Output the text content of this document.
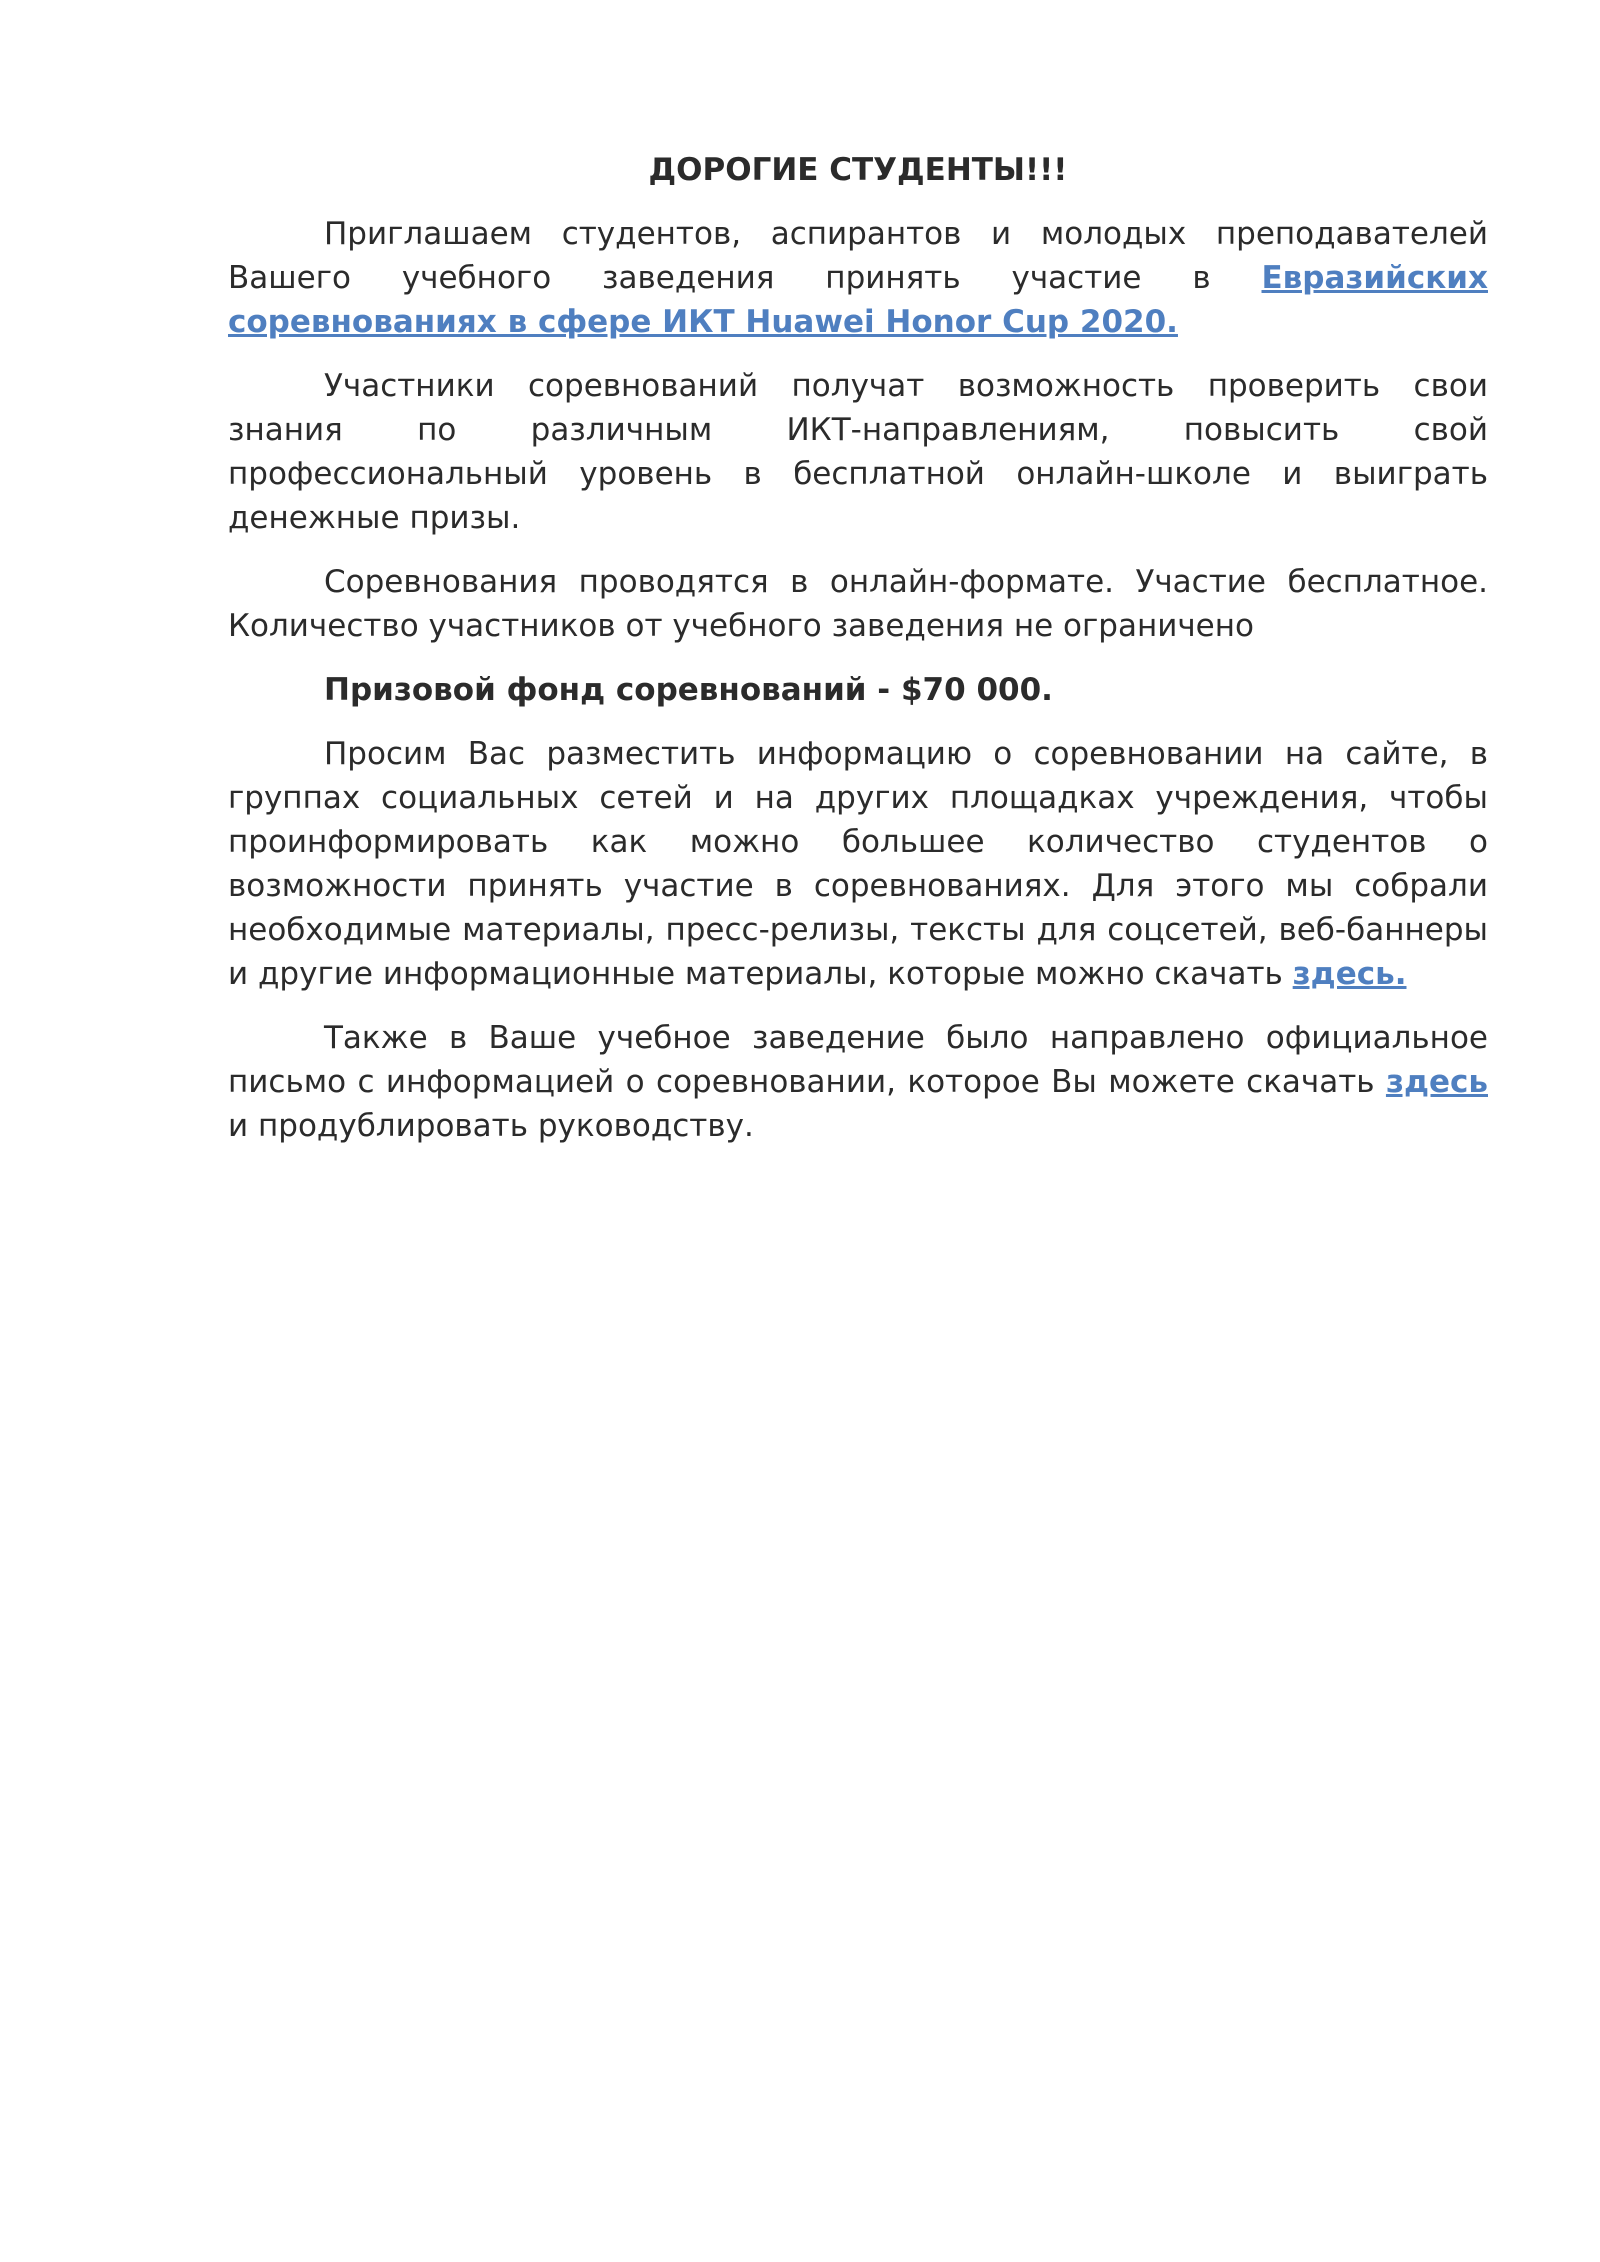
ДОРОГИЕ СТУДЕНТЫ!!!

Приглашаем студентов, аспирантов и молодых преподавателей Вашего учебного заведения принять участие в Евразийских соревнованиях в сфере ИКТ Huawei Honor Cup 2020.

Участники соревнований получат возможность проверить свои знания по различным ИКТ-направлениям, повысить свой профессиональный уровень в бесплатной онлайн-школе и выиграть денежные призы.

Соревнования проводятся в онлайн-формате. Участие бесплатное. Количество участников от учебного заведения не ограничено

Призовой фонд соревнований - $70 000.

Просим Вас разместить информацию о соревновании на сайте, в группах социальных сетей и на других площадках учреждения, чтобы проинформировать как можно большее количество студентов о возможности принять участие в соревнованиях. Для этого мы собрали необходимые материалы, пресс-релизы, тексты для соцсетей, веб-баннеры и другие информационные материалы, которые можно скачать здесь.

Также в Ваше учебное заведение было направлено официальное письмо с информацией о соревновании, которое Вы можете скачать здесь и продублировать руководству.
